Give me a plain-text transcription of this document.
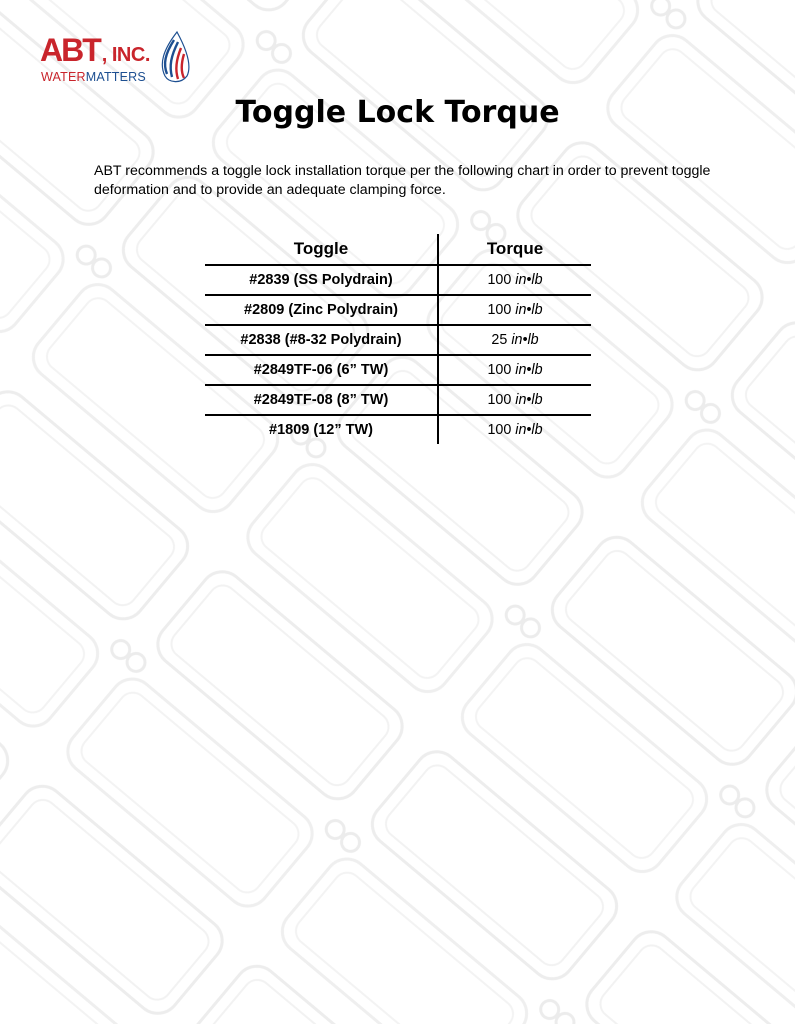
ABT , INC.
WATERMATTERS
Toggle Lock Torque

ABT recommends a toggle lock installation torque per the following chart in order to prevent toggle deformation and to provide an adequate clamping force.

Toggle	Torque
#2839 (SS Polydrain)	100 in•lb
#2809 (Zinc Polydrain)	100 in•lb
#2838 (#8-32 Polydrain)	25 in•lb
#2849TF-06 (6” TW)	100 in•lb
#2849TF-08 (8” TW)	100 in•lb
#1809 (12” TW)	100 in•lb
